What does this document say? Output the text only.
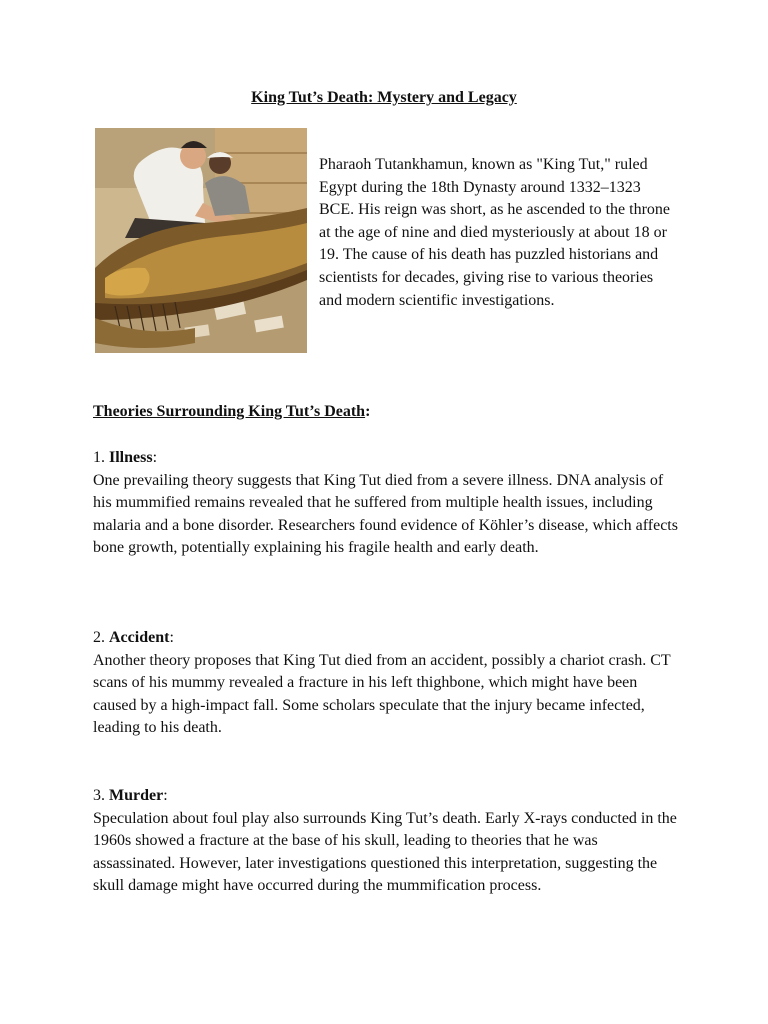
King Tut’s Death: Mystery and Legacy

Pharaoh Tutankhamun, known as "King Tut," ruled Egypt during the 18th Dynasty around 1332–1323 BCE. His reign was short, as he ascended to the throne at the age of nine and died mysteriously at about 18 or 19. The cause of his death has puzzled historians and scientists for decades, giving rise to various theories and modern scientific investigations.

Theories Surrounding King Tut’s Death:

1. Illness:

One prevailing theory suggests that King Tut died from a severe illness. DNA analysis of his mummified remains revealed that he suffered from multiple health issues, including malaria and a bone disorder. Researchers found evidence of Köhler’s disease, which affects bone growth, potentially explaining his fragile health and early death.

2. Accident:

Another theory proposes that King Tut died from an accident, possibly a chariot crash. CT scans of his mummy revealed a fracture in his left thighbone, which might have been caused by a high-impact fall. Some scholars speculate that the injury became infected, leading to his death.

3. Murder:

Speculation about foul play also surrounds King Tut’s death. Early X-rays conducted in the 1960s showed a fracture at the base of his skull, leading to theories that he was assassinated. However, later investigations questioned this interpretation, suggesting the skull damage might have occurred during the mummification process.
